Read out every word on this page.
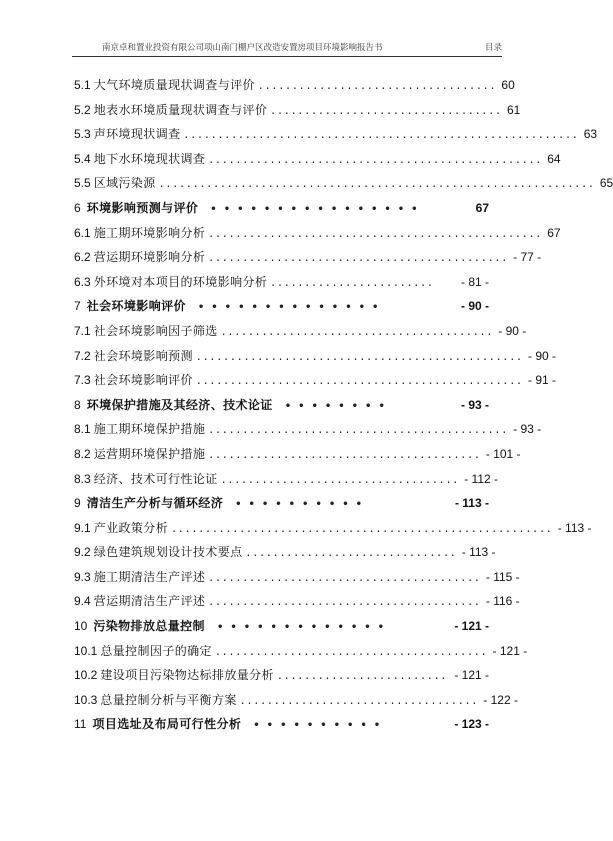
南京卓和置业投资有限公司项山南门棚户区改造安置房项目环境影响报告书	目录
5.1 大气环境质量现状调查与评价 ................................... 60
5.2 地表水环境质量现状调查与评价 .................................. 61
5.3 声环境现状调查 .......................................................... 63
5.4 地下水环境现状调查 ................................................. 64
5.5 区域污染源 ................................................................ 65
6 环境影响预测与评价 ••••••••••••••••	67
6.1 施工期环境影响分析 ................................................. 67
6.2 营运期环境影响分析 ............................................ - 77 -
6.3 外环境对本项目的环境影响分析 ........................	- 81 -
7 社会环境影响评价 ••••••••••••••	- 90 -
7.1 社会环境影响因子筛选 ........................................ - 90 -
7.2 社会环境影响预测 ................................................ - 90 -
7.3 社会环境影响评价 ................................................ - 91 -
8 环境保护措施及其经济、技术论证 ••••••••	- 93 -
8.1 施工期环境保护措施 ............................................ - 93 -
8.2 运营期环境保护措施 ........................................ - 101 -
8.3 经济、技术可行性论证 ................................... - 112 -
9 清洁生产分析与循环经济 ••••••••••	- 113 -
9.1 产业政策分析 ........................................................ - 113 -
9.2 绿色建筑规划设计技术要点 ............................... - 113 -
9.3 施工期清洁生产评述 ........................................ - 115 -
9.4 营运期清洁生产评述 ........................................ - 116 -
10 污染物排放总量控制 •••••••••••••	- 121 -
10.1 总量控制因子的确定 ........................................ - 121 -
10.2 建设项目污染物达标排放量分析 ......................... - 121 -
10.3 总量控制分析与平衡方案 ................................... - 122 -
11 项目选址及布局可行性分析 ••••••••••	- 123 -
